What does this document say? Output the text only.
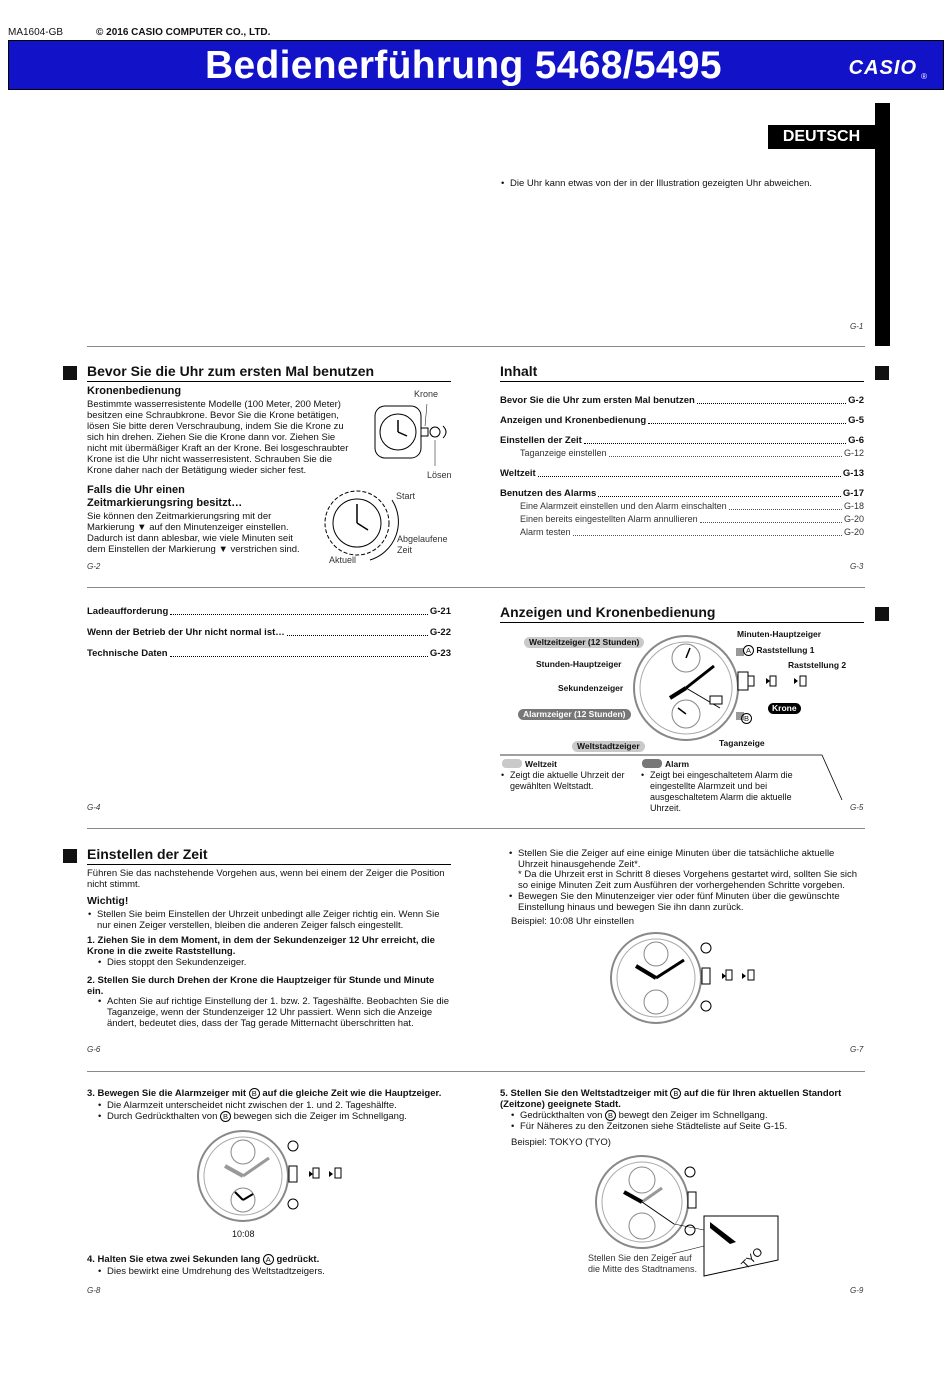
MA1604-GB	© 2016 CASIO COMPUTER CO., LTD.
Bedienerführung 5468/5495	CASIO ®
DEUTSCH
• Die Uhr kann etwas von der in der Illustration gezeigten Uhr abweichen.
G-1
Bevor Sie die Uhr zum ersten Mal benutzen
Kronenbedienung
Bestimmte wasserresistente Modelle (100 Meter, 200 Meter) besitzen eine Schraubkrone. Bevor Sie die Krone betätigen, lösen Sie bitte deren Verschraubung, indem Sie die Krone zu sich hin drehen. Ziehen Sie die Krone dann vor. Ziehen Sie nicht mit übermäßiger Kraft an der Krone. Bei losgeschraubter Krone ist die Uhr nicht wasserresistent. Schrauben Sie die Krone daher nach der Betätigung wieder sicher fest.
Falls die Uhr einen
Zeitmarkierungsring besitzt…
Sie können den Zeitmarkierungsring mit der Markierung ▼ auf den Minutenzeiger einstellen. Dadurch ist dann ablesbar, wie viele Minuten seit dem Einstellen der Markierung ▼ verstrichen sind.
Krone
Lösen
Start
Abgelaufene
Zeit
Aktuell
G-2
Inhalt
Bevor Sie die Uhr zum ersten Mal benutzen	G-2
Anzeigen und Kronenbedienung	G-5
Einstellen der Zeit	G-6
Taganzeige einstellen	G-12
Weltzeit	G-13
Benutzen des Alarms	G-17
Eine Alarmzeit einstellen und den Alarm einschalten	G-18
Einen bereits eingestellten Alarm annullieren	G-20
Alarm testen	G-20
G-3
Ladeaufforderung	G-21
Wenn der Betrieb der Uhr nicht normal ist…	G-22
Technische Daten	G-23
G-4
Anzeigen und Kronenbedienung
Weltzeitzeiger (12 Stunden)
Minuten-Hauptzeiger
A Raststellung 1
Raststellung 2
Stunden-Hauptzeiger
Sekundenzeiger
Alarmzeiger (12 Stunden)	B
Krone
Weltstadtzeiger	Taganzeige
Weltzeit
• Zeigt die aktuelle Uhrzeit der gewählten Weltstadt.
Alarm
• Zeigt bei eingeschaltetem Alarm die eingestellte Alarmzeit und bei ausgeschaltetem Alarm die aktuelle Uhrzeit.	G-5
Einstellen der Zeit
Führen Sie das nachstehende Vorgehen aus, wenn bei einem der Zeiger die Position nicht stimmt.
Wichtig!
• Stellen Sie beim Einstellen der Uhrzeit unbedingt alle Zeiger richtig ein. Wenn Sie nur einen Zeiger verstellen, bleiben die anderen Zeiger falsch eingestellt.
1. Ziehen Sie in dem Moment, in dem der Sekundenzeiger 12 Uhr erreicht, die Krone in die zweite Raststellung.
• Dies stoppt den Sekundenzeiger.
2. Stellen Sie durch Drehen der Krone die Hauptzeiger für Stunde und Minute ein.
• Achten Sie auf richtige Einstellung der 1. bzw. 2. Tageshälfte. Beobachten Sie die Taganzeige, wenn der Stundenzeiger 12 Uhr passiert. Wenn sich die Anzeige ändert, bedeutet dies, dass der Tag gerade Mitternacht überschritten hat.
G-6
• Stellen Sie die Zeiger auf eine einige Minuten über die tatsächliche aktuelle Uhrzeit hinausgehende Zeit*.
* Da die Uhrzeit erst in Schritt 8 dieses Vorgehens gestartet wird, sollten Sie sich so einige Minuten Zeit zum Ausführen der vorhergehenden Schritte vorgeben.
• Bewegen Sie den Minutenzeiger vier oder fünf Minuten über die gewünschte Einstellung hinaus und bewegen Sie ihn dann zurück.
Beispiel: 10:08 Uhr einstellen
G-7
3. Bewegen Sie die Alarmzeiger mit B auf die gleiche Zeit wie die Hauptzeiger.
• Die Alarmzeit unterscheidet nicht zwischen der 1. und 2. Tageshälfte.
• Durch Gedrückthalten von B bewegen sich die Zeiger im Schnellgang.
10:08
4. Halten Sie etwa zwei Sekunden lang A gedrückt.
• Dies bewirkt eine Umdrehung des Weltstadtzeigers.
G-8
5. Stellen Sie den Weltstadtzeiger mit B auf die für Ihren aktuellen Standort (Zeitzone) geeignete Stadt.
• Gedrückthalten von B bewegt den Zeiger im Schnellgang.
• Für Näheres zu den Zeitzonen siehe Städteliste auf Seite G-15.
Beispiel: TOKYO (TYO)
TYO
Stellen Sie den Zeiger auf
die Mitte des Stadtnamens.
G-9
